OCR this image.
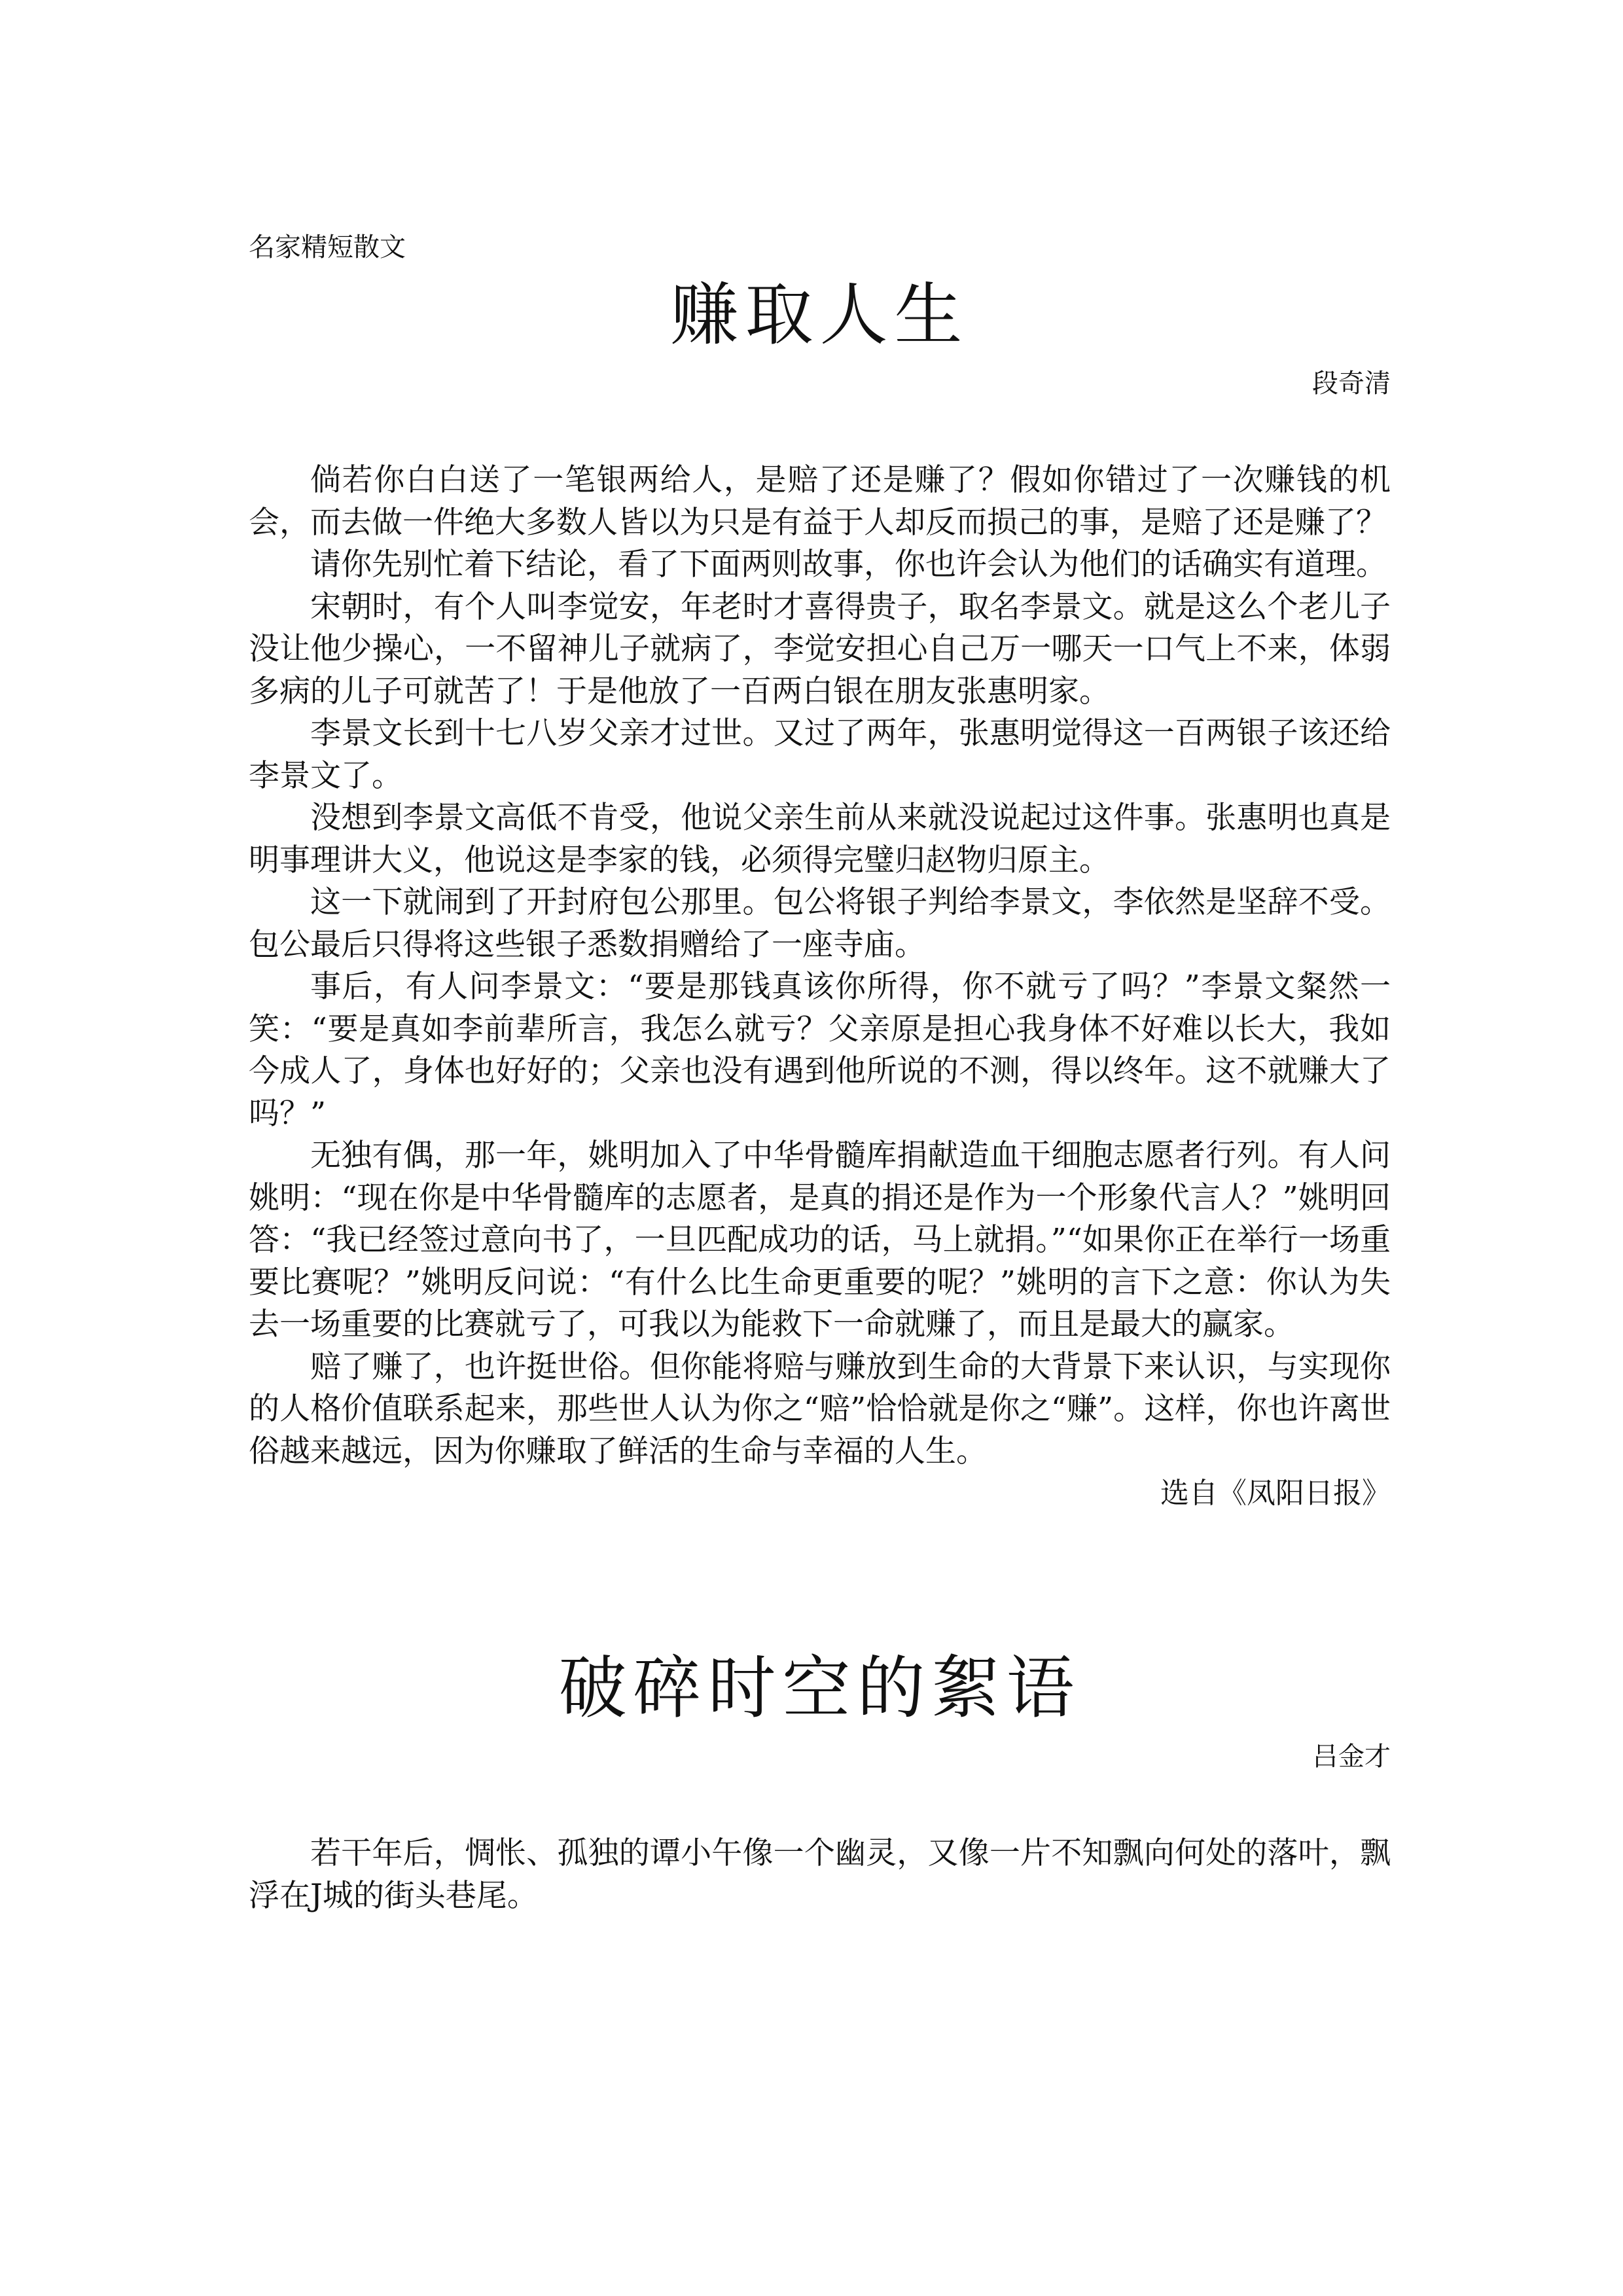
名家精短散文

赚取人生

段奇清

倘若你白白送了一笔银两给人，是赔了还是赚了？假如你错过了一次赚钱的机会，而去做一件绝大多数人皆以为只是有益于人却反而损己的事，是赔了还是赚了？

请你先别忙着下结论，看了下面两则故事，你也许会认为他们的话确实有道理。

宋朝时，有个人叫李觉安，年老时才喜得贵子，取名李景文。就是这么个老儿子没让他少操心，一不留神儿子就病了，李觉安担心自己万一哪天一口气上不来，体弱多病的儿子可就苦了！于是他放了一百两白银在朋友张惠明家。

李景文长到十七八岁父亲才过世。又过了两年，张惠明觉得这一百两银子该还给李景文了。

没想到李景文高低不肯受，他说父亲生前从来就没说起过这件事。张惠明也真是明事理讲大义，他说这是李家的钱，必须得完璧归赵物归原主。

这一下就闹到了开封府包公那里。包公将银子判给李景文，李依然是坚辞不受。包公最后只得将这些银子悉数捐赠给了一座寺庙。

事后，有人问李景文：“要是那钱真该你所得，你不就亏了吗？”李景文粲然一笑：“要是真如李前辈所言，我怎么就亏？父亲原是担心我身体不好难以长大，我如今成人了，身体也好好的；父亲也没有遇到他所说的不测，得以终年。这不就赚大了吗？”

无独有偶，那一年，姚明加入了中华骨髓库捐献造血干细胞志愿者行列。有人问姚明：“现在你是中华骨髓库的志愿者，是真的捐还是作为一个形象代言人？”姚明回答：“我已经签过意向书了，一旦匹配成功的话，马上就捐。”“如果你正在举行一场重要比赛呢？”姚明反问说：“有什么比生命更重要的呢？”姚明的言下之意：你认为失去一场重要的比赛就亏了，可我以为能救下一命就赚了，而且是最大的赢家。

赔了赚了，也许挺世俗。但你能将赔与赚放到生命的大背景下来认识，与实现你的人格价值联系起来，那些世人认为你之“赔”恰恰就是你之“赚”。这样，你也许离世俗越来越远，因为你赚取了鲜活的生命与幸福的人生。

选自《凤阳日报》

破碎时空的絮语

吕金才

若干年后，惆怅、孤独的谭小午像一个幽灵，又像一片不知飘向何处的落叶，飘浮在J城的街头巷尾。
